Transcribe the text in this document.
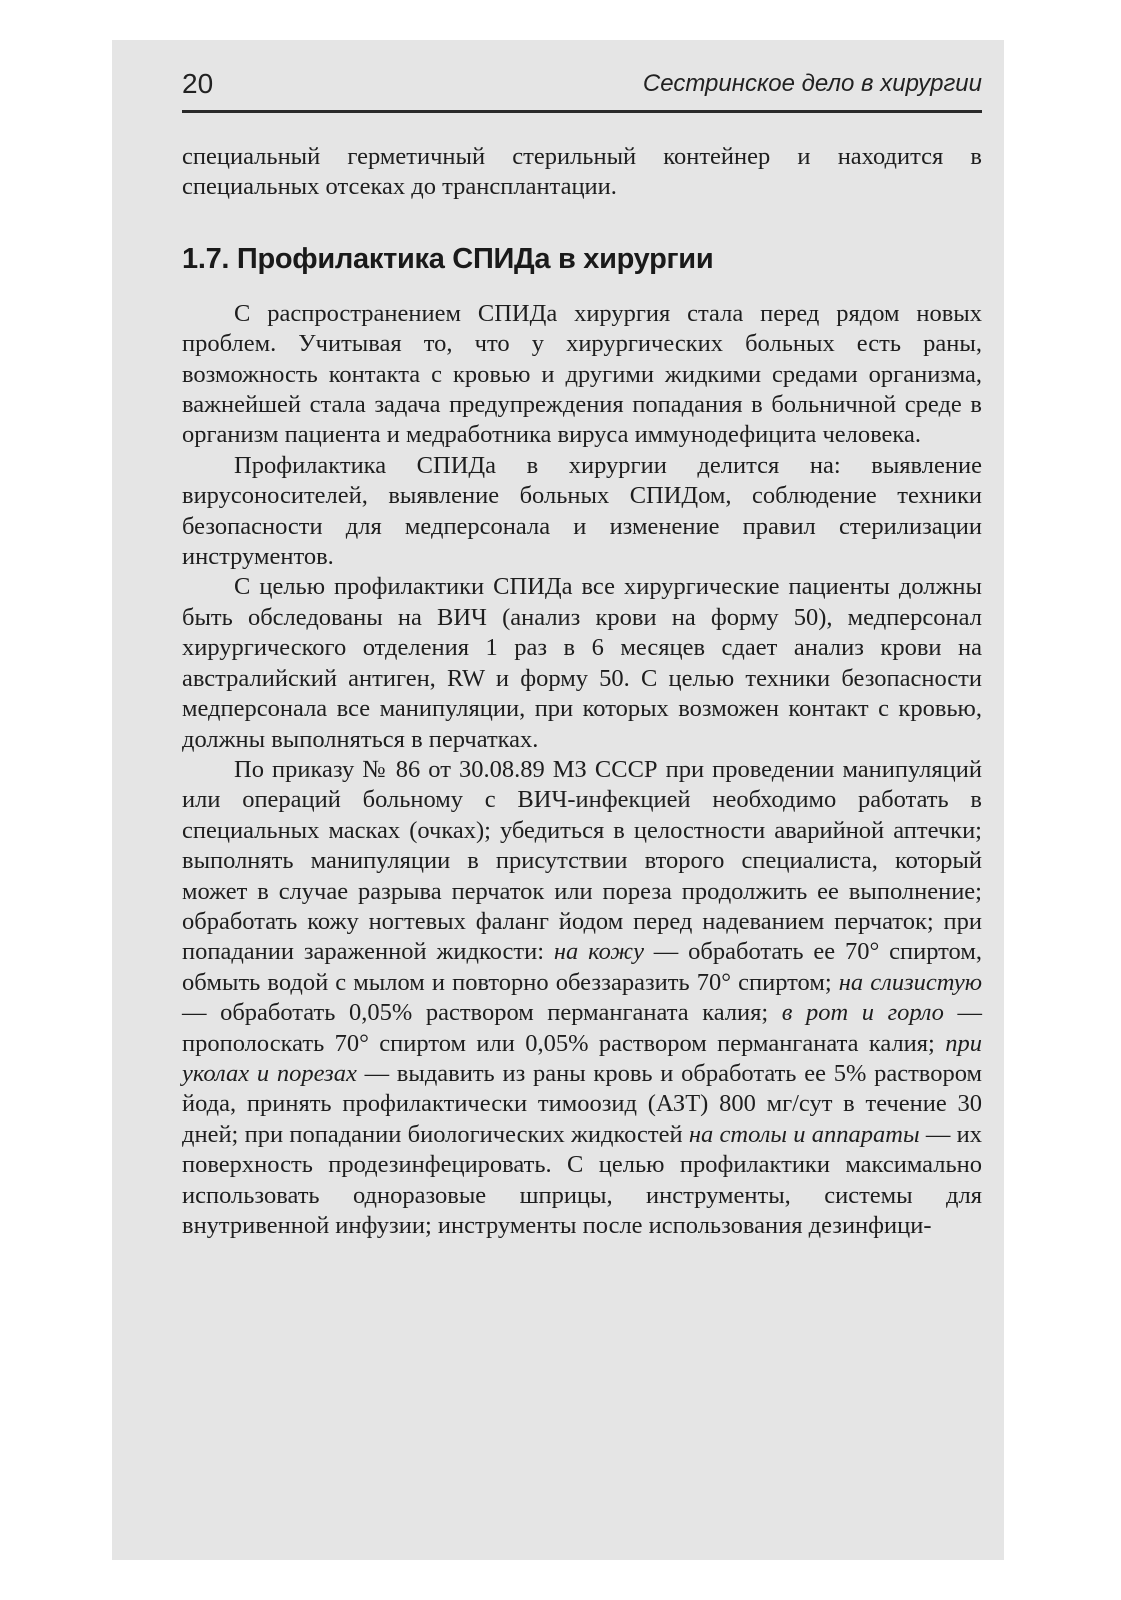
20	Сестринское дело в хирургии

специальный герметичный стерильный контейнер и находится в специальных отсеках до трансплантации.

1.7. Профилактика СПИДа в хирургии

С распространением СПИДа хирургия стала перед рядом новых проблем. Учитывая то, что у хирургических больных есть раны, возможность контакта с кровью и другими жидкими средами организма, важнейшей стала задача предупреждения попадания в больничной среде в организм пациента и медработника вируса иммунодефицита человека.

Профилактика СПИДа в хирургии делится на: выявление вирусоносителей, выявление больных СПИДом, соблюдение техники безопасности для медперсонала и изменение правил стерилизации инструментов.

С целью профилактики СПИДа все хирургические пациенты должны быть обследованы на ВИЧ (анализ крови на форму 50), медперсонал хирургического отделения 1 раз в 6 месяцев сдает анализ крови на австралийский антиген, RW и форму 50. С целью техники безопасности медперсонала все манипуляции, при которых возможен контакт с кровью, должны выполняться в перчатках.

По приказу № 86 от 30.08.89 МЗ СССР при проведении манипуляций или операций больному с ВИЧ-инфекцией необходимо работать в специальных масках (очках); убедиться в целостности аварийной аптечки; выполнять манипуляции в присутствии второго специалиста, который может в случае разрыва перчаток или пореза продолжить ее выполнение; обработать кожу ногтевых фаланг йодом перед надеванием перчаток; при попадании зараженной жидкости: на кожу — обработать ее 70° спиртом, обмыть водой с мылом и повторно обеззаразить 70° спиртом; на слизистую — обработать 0,05% раствором перманганата калия; в рот и горло — прополоскать 70° спиртом или 0,05% раствором перманганата калия; при уколах и порезах — выдавить из раны кровь и обработать ее 5% раствором йода, принять профилактически тимоозид (АЗТ) 800 мг/сут в течение 30 дней; при попадании биологических жидкостей на столы и аппараты — их поверхность продезинфецировать. С целью профилактики максимально использовать одноразовые шприцы, инструменты, системы для внутривенной инфузии; инструменты после использования дезинфици-
